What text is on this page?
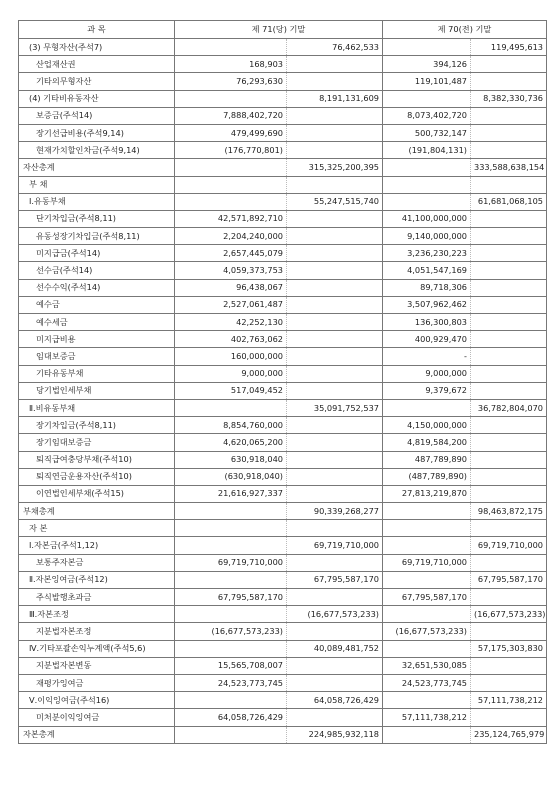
과 목	제 71(당) 기말		제 70(전) 기말	
(3) 무형자산(주석7)		76,462,533		119,495,613
산업재산권	168,903		394,126	
기타의무형자산	76,293,630		119,101,487	
(4) 기타비유동자산		8,191,131,609		8,382,330,736
보증금(주석14)	7,888,402,720		8,073,402,720	
장기선급비용(주석9,14)	479,499,690		500,732,147	
현재가치할인차금(주석9,14)	(176,770,801)		(191,804,131)	
자산총계		315,325,200,395		333,588,638,154
부 채				
Ⅰ.유동부채		55,247,515,740		61,681,068,105
단기차입금(주석8,11)	42,571,892,710		41,100,000,000	
유동성장기차입금(주석8,11)	2,204,240,000		9,140,000,000	
미지급금(주석14)	2,657,445,079		3,236,230,223	
선수금(주석14)	4,059,373,753		4,051,547,169	
선수수익(주석14)	96,438,067		89,718,306	
예수금	2,527,061,487		3,507,962,462	
예수세금	42,252,130		136,300,803	
미지급비용	402,763,062		400,929,470	
임대보증금	160,000,000		-	
기타유동부채	9,000,000		9,000,000	
당기법인세부채	517,049,452		9,379,672	
Ⅱ.비유동부채		35,091,752,537		36,782,804,070
장기차입금(주석8,11)	8,854,760,000		4,150,000,000	
장기임대보증금	4,620,065,200		4,819,584,200	
퇴직급여충당부채(주석10)	630,918,040		487,789,890	
퇴직연금운용자산(주석10)	(630,918,040)		(487,789,890)	
이연법인세부채(주석15)	21,616,927,337		27,813,219,870	
부채총계		90,339,268,277		98,463,872,175
자 본				
Ⅰ.자본금(주석1,12)		69,719,710,000		69,719,710,000
보통주자본금	69,719,710,000		69,719,710,000	
Ⅱ.자본잉여금(주석12)		67,795,587,170		67,795,587,170
주식발행초과금	67,795,587,170		67,795,587,170	
Ⅲ.자본조정		(16,677,573,233)		(16,677,573,233)
지분법자본조정	(16,677,573,233)		(16,677,573,233)	
Ⅳ.기타포괄손익누계액(주석5,6)		40,089,481,752		57,175,303,830
지분법자본변동	15,565,708,007		32,651,530,085	
재평가잉여금	24,523,773,745		24,523,773,745	
Ⅴ.이익잉여금(주석16)		64,058,726,429		57,111,738,212
미처분이익잉여금	64,058,726,429		57,111,738,212	
자본총계		224,985,932,118		235,124,765,979
